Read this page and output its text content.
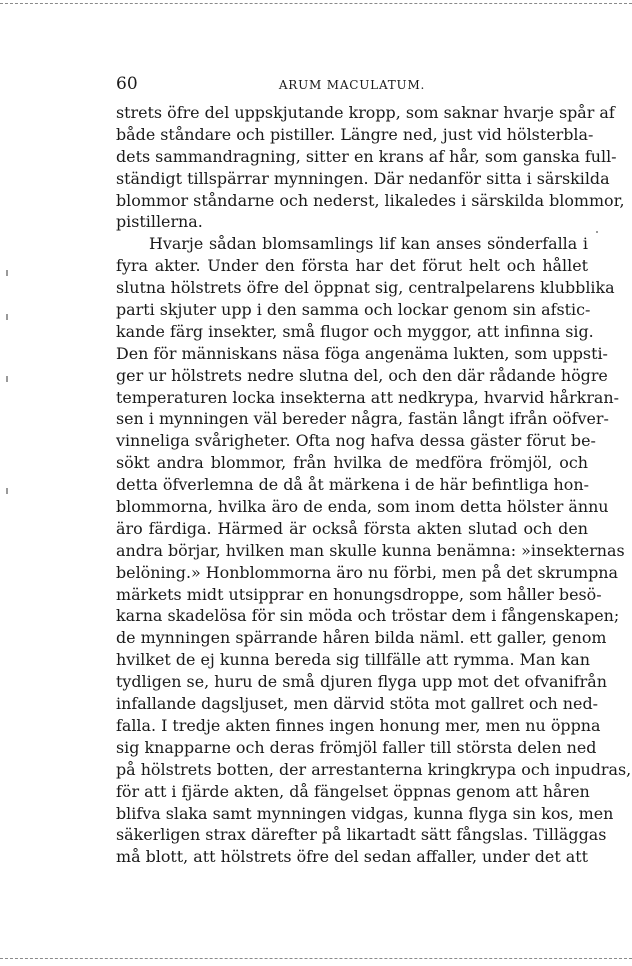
60	ARUM MACULATUM.
strets öfre del uppskjutande kropp, som saknar hvarje spår af
både ståndare och pistiller. Längre ned, just vid hölsterbla-
dets sammandragning, sitter en krans af hår, som ganska full-
ständigt tillspärrar mynningen. Där nedanför sitta i särskilda
blommor ståndarne och nederst, likaledes i särskilda blommor,
pistillerna.
Hvarje sådan blomsamlings lif kan anses sönderfalla i
fyra akter. Under den första har det förut helt och hållet
slutna hölstrets öfre del öppnat sig, centralpelarens klubblika
parti skjuter upp i den samma och lockar genom sin afstic-
kande färg insekter, små flugor och myggor, att infinna sig.
Den för människans näsa föga angenäma lukten, som uppsti-
ger ur hölstrets nedre slutna del, och den där rådande högre
temperaturen locka insekterna att nedkrypa, hvarvid hårkran-
sen i mynningen väl bereder några, fastän långt ifrån oöfver-
vinneliga svårigheter. Ofta nog hafva dessa gäster förut be-
sökt andra blommor, från hvilka de medföra frömjöl, och
detta öfverlemna de då åt märkena i de här befintliga hon-
blommorna, hvilka äro de enda, som inom detta hölster ännu
äro färdiga. Härmed är också första akten slutad och den
andra börjar, hvilken man skulle kunna benämna: »insekternas
belöning.» Honblommorna äro nu förbi, men på det skrumpna
märkets midt utsipprar en honungsdroppe, som håller besö-
karna skadelösa för sin möda och tröstar dem i fångenskapen;
de mynningen spärrande håren bilda näml. ett galler, genom
hvilket de ej kunna bereda sig tillfälle att rymma. Man kan
tydligen se, huru de små djuren flyga upp mot det ofvanifrån
infallande dagsljuset, men därvid stöta mot gallret och ned-
falla. I tredje akten finnes ingen honung mer, men nu öppna
sig knapparne och deras frömjöl faller till största delen ned
på hölstrets botten, der arrestanterna kringkrypa och inpudras,
för att i fjärde akten, då fängelset öppnas genom att håren
blifva slaka samt mynningen vidgas, kunna flyga sin kos, men
säkerligen strax därefter på likartadt sätt fångslas. Tilläggas
må blott, att hölstrets öfre del sedan affaller, under det att
